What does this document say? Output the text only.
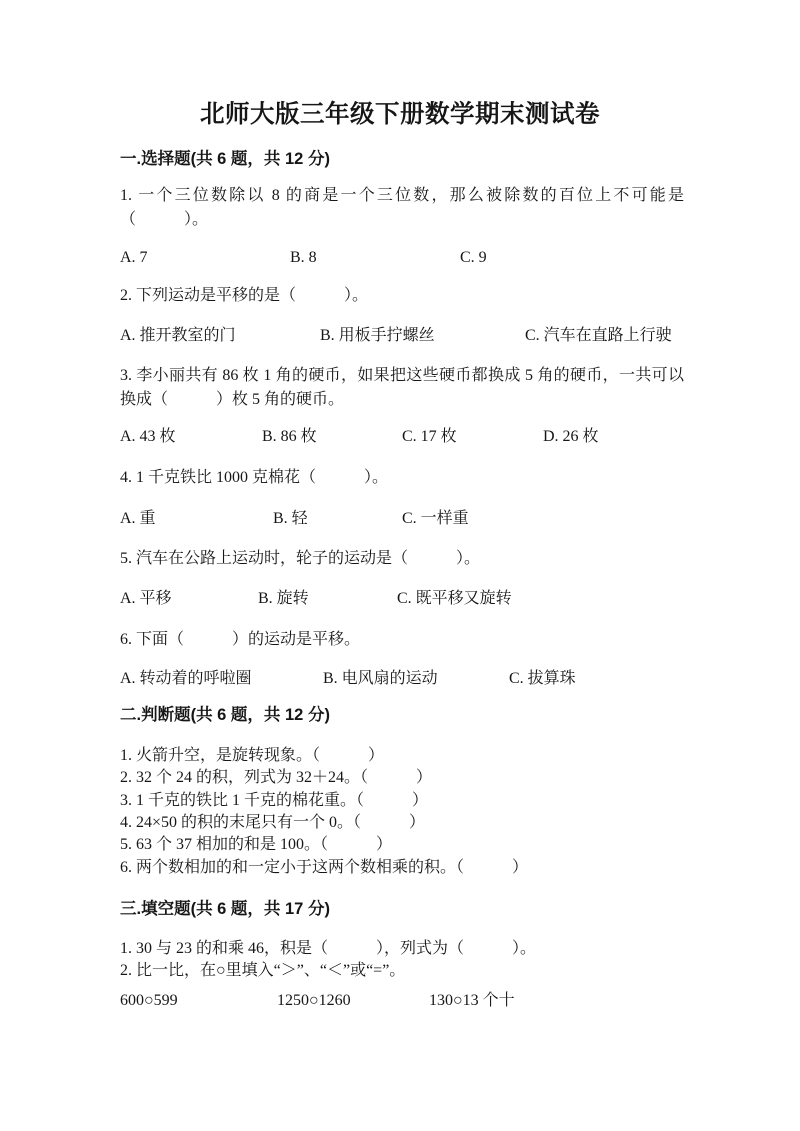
北师大版三年级下册数学期末测试卷
一.选择题(共 6 题，共 12 分)
1. 一个三位数除以 8 的商是一个三位数，那么被除数的百位上不可能是
（　　　）。
A. 7	B. 8	C. 9
2. 下列运动是平移的是（　　　）。
A. 推开教室的门	B. 用板手拧螺丝	C. 汽车在直路上行驶
3. 李小丽共有 86 枚 1 角的硬币，如果把这些硬币都换成 5 角的硬币，一共可以
换成（　　　）枚 5 角的硬币。
A. 43 枚	B. 86 枚	C. 17 枚	D. 26 枚
4. 1 千克铁比 1000 克棉花（　　　）。
A. 重	B. 轻	C. 一样重
5. 汽车在公路上运动时，轮子的运动是（　　　）。
A. 平移	B. 旋转	C. 既平移又旋转
6. 下面（　　　）的运动是平移。
A. 转动着的呼啦圈	B. 电风扇的运动	C. 拔算珠
二.判断题(共 6 题，共 12 分)
1. 火箭升空，是旋转现象。（　　　）
2. 32 个 24 的积，列式为 32＋24。（　　　）
3. 1 千克的铁比 1 千克的棉花重。（　　　）
4. 24×50 的积的末尾只有一个 0。（　　　）
5. 63 个 37 相加的和是 100。（　　　）
6. 两个数相加的和一定小于这两个数相乘的积。（　　　）
三.填空题(共 6 题，共 17 分)
1. 30 与 23 的和乘 46，积是（　　　），列式为（　　　）。
2. 比一比，在○里填入“＞”、“＜”或“=”。
600○599	1250○1260	130○13 个十
